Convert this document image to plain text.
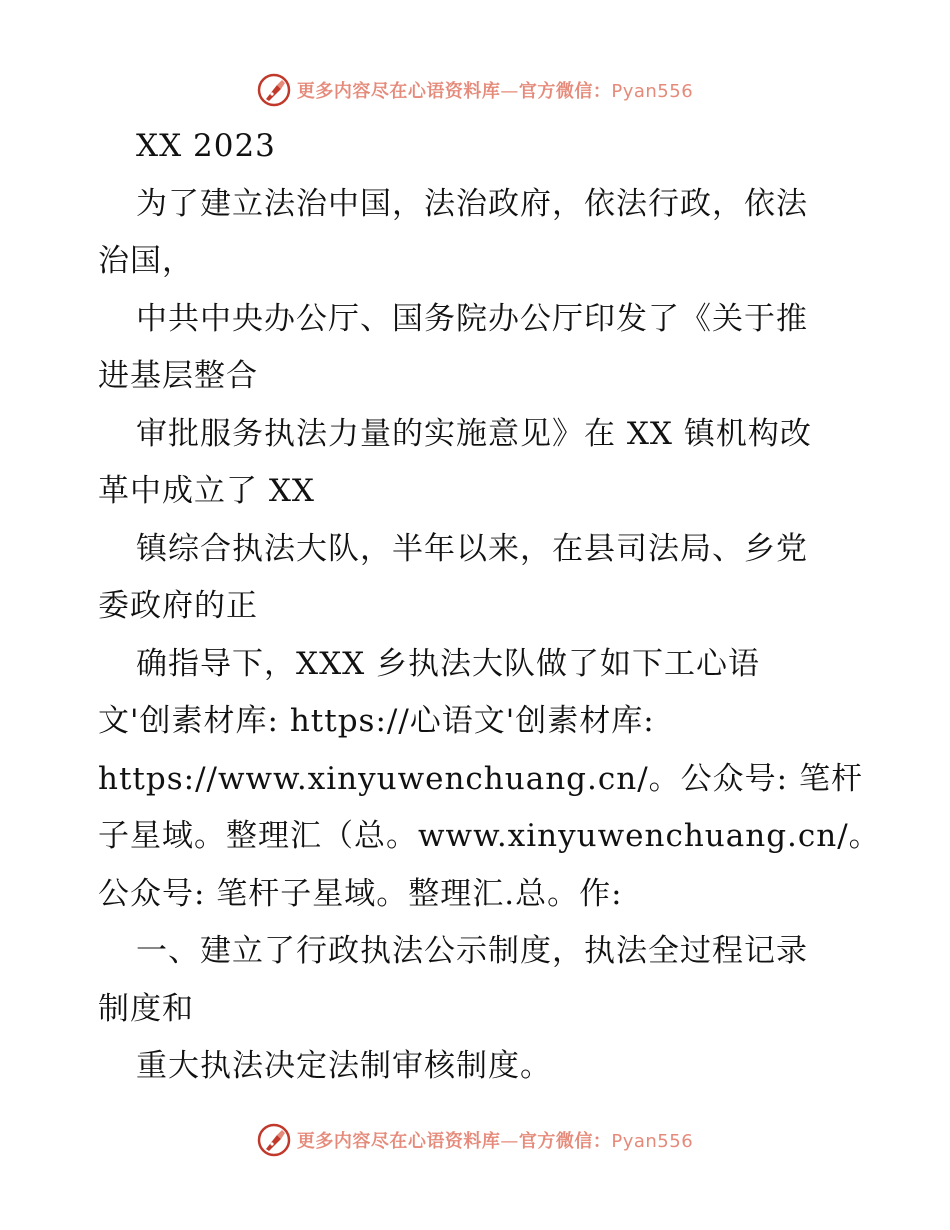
更多内容尽在心语资料库—官方微信：Pyan556
XX 2023
为了建立法治中国，法治政府，依法行政，依法
治国，
中共中央办公厅、国务院办公厅印发了《关于推
进基层整合
审批服务执法力量的实施意见》在 XX 镇机构改
革中成立了 XX
镇综合执法大队，半年以来，在县司法局、乡党
委政府的正
确指导下，XXX 乡执法大队做了如下工心语
文'创素材库: https://心语文'创素材库:
https://www.xinyuwenchuang.cn/。公众号: 笔杆
子星域。整理汇（总。www.xinyuwenchuang.cn/。
公众号: 笔杆子星域。整理汇.总。作:
一、建立了行政执法公示制度，执法全过程记录
制度和
重大执法决定法制审核制度。
更多内容尽在心语资料库—官方微信：Pyan556
